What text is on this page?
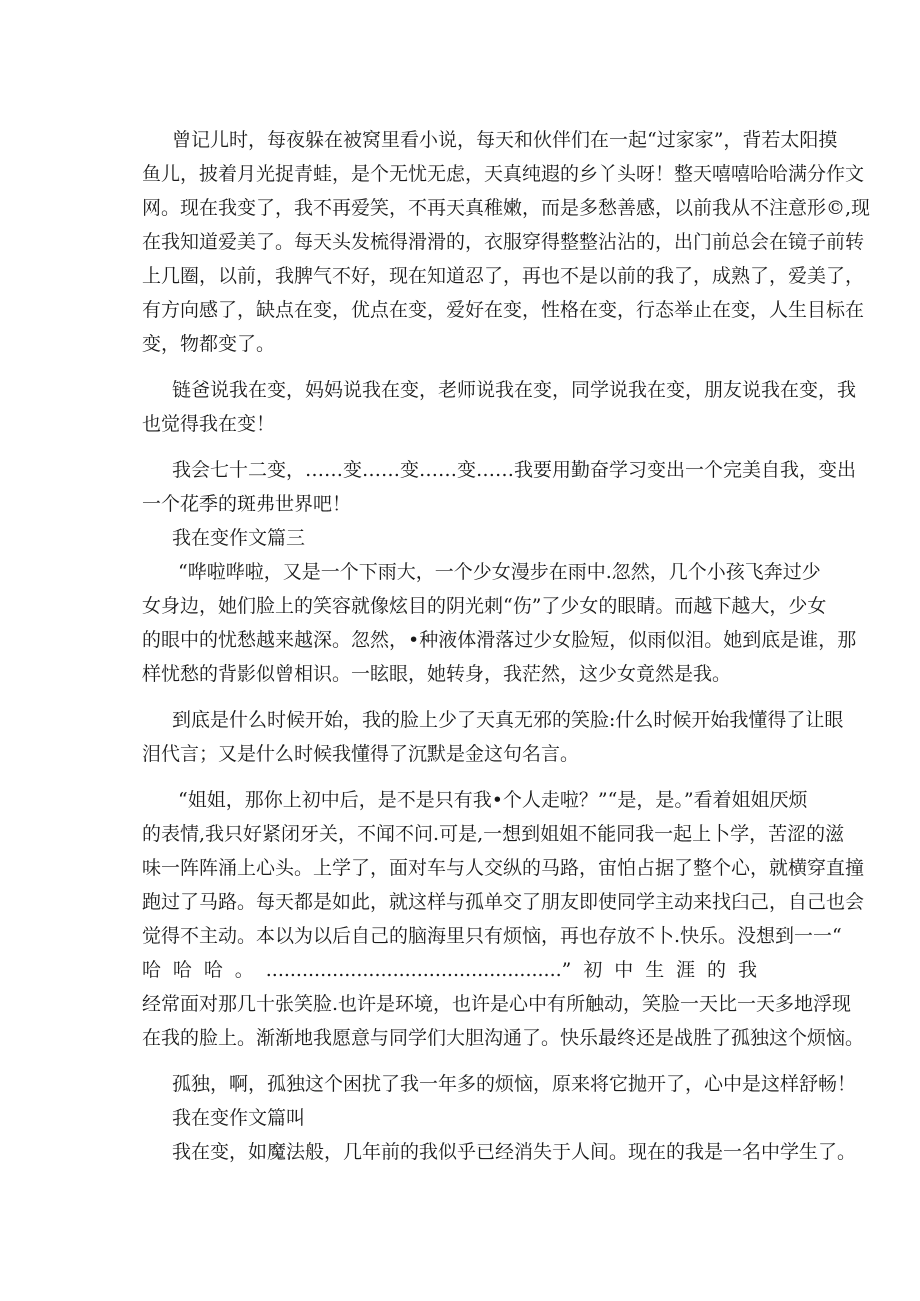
曾记儿时，每夜躲在被窝里看小说，每天和伙伴们在一起“过家家”，背若太阳摸
鱼儿，披着月光捉青蛙，是个无忧无虑，天真纯遐的乡丫头呀！整天嘻嘻哈哈满分作文
网。现在我变了，我不再爱笑，不再天真稚嫩，而是多愁善感，以前我从不注意形©,现
在我知道爱美了。每天头发梳得滑滑的，衣服穿得整整沾沾的，出门前总会在镜子前转
上几圈，以前，我脾气不好，现在知道忍了，再也不是以前的我了，成熟了，爱美了，
有方向感了，缺点在变，优点在变，爱好在变，性格在变，行态举止在变，人生目标在
变，物都变了。
链爸说我在变，妈妈说我在变，老师说我在变，同学说我在变，朋友说我在变，我
也觉得我在变！
我会七十二变，……变……变……变……我要用勤奋学习变出一个完美自我，变出
一个花季的斑弗世界吧！
我在变作文篇三
“哗啦哗啦，又是一个下雨大，一个少女漫步在雨中.忽然，几个小孩飞奔过少
女身边，她们脸上的笑容就像炫目的阴光刺“伤”了少女的眼睛。而越下越大，少女
的眼中的忧愁越来越深。忽然，•种液体滑落过少女脸短，似雨似泪。她到底是谁，那
样忧愁的背影似曾相识。一眩眼，她转身，我茫然，这少女竟然是我。
到底是什么时候开始，我的脸上少了天真无邪的笑脸:什么时候开始我懂得了让眼
泪代言；又是什么时候我懂得了沉默是金这句名言。
“姐姐，那你上初中后，是不是只有我•个人走啦？”“是，是。”看着姐姐厌烦
的表情,我只好紧闭牙关，不闻不问.可是,一想到姐姐不能同我一起上卜学，苦涩的滋
味一阵阵涌上心头。上学了，面对车与人交纵的马路，宙怕占据了整个心，就横穿直撞
跑过了马路。每天都是如此，就这样与孤单交了朋友即使同学主动来找臼己，自己也会
觉得不主动。本以为以后自己的脑海里只有烦恼，再也存放不卜.快乐。没想到一一“
哈哈哈。.................................................”初中生涯的我
经常面对那几十张笑脸.也许是环境，也许是心中有所触动，笑脸一天比一天多地浮现
在我的脸上。渐渐地我愿意与同学们大胆沟通了。快乐最终还是战胜了孤独这个烦恼。
孤独，啊，孤独这个困扰了我一年多的烦恼，原来将它抛开了，心中是这样舒畅！
我在变作文篇叫
我在变，如魔法般，几年前的我似乎已经消失于人间。现在的我是一名中学生了。
